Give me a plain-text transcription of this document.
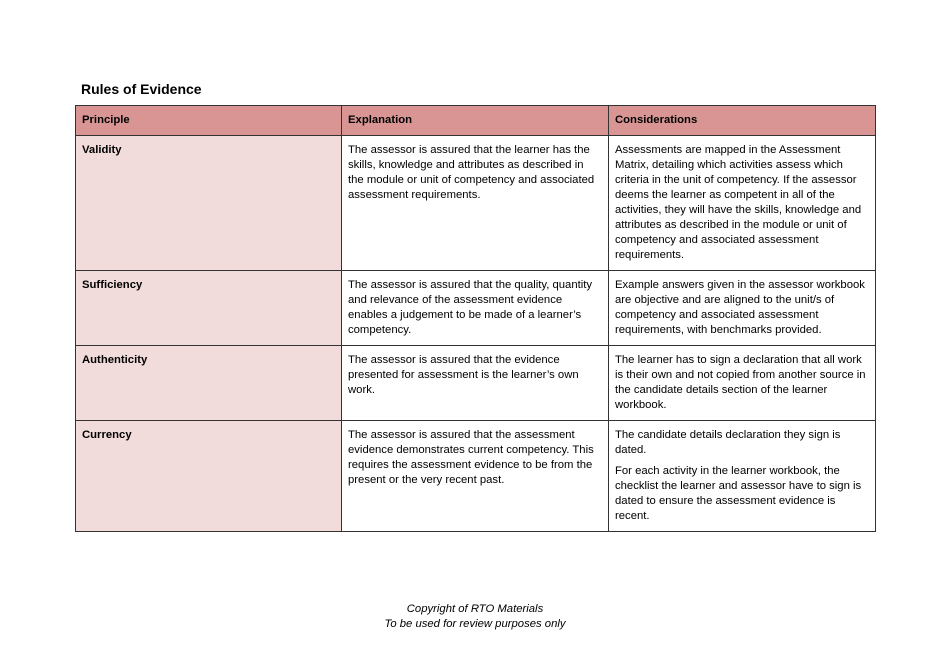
Rules of Evidence
Principle	Explanation	Considerations
Validity	The assessor is assured that the learner has the skills, knowledge and attributes as described in the module or unit of competency and associated assessment requirements.	Assessments are mapped in the Assessment Matrix, detailing which activities assess which criteria in the unit of competency. If the assessor deems the learner as competent in all of the activities, they will have the skills, knowledge and attributes as described in the module or unit of competency and associated assessment requirements.

Sufficiency	The assessor is assured that the quality, quantity and relevance of the assessment evidence enables a judgement to be made of a learner’s competency.	Example answers given in the assessor workbook are objective and are aligned to the unit/s of competency and associated assessment requirements, with benchmarks provided.

Authenticity	The assessor is assured that the evidence presented for assessment is the learner’s own work.	The learner has to sign a declaration that all work is their own and not copied from another source in the candidate details section of the learner workbook.

Currency	The assessor is assured that the assessment evidence demonstrates current competency. This requires the assessment evidence to be from the present or the very recent past.	The candidate details declaration they sign is dated.

For each activity in the learner workbook, the checklist the learner and assessor have to sign is dated to ensure the assessment evidence is recent.

Copyright of RTO Materials
To be used for review purposes only
